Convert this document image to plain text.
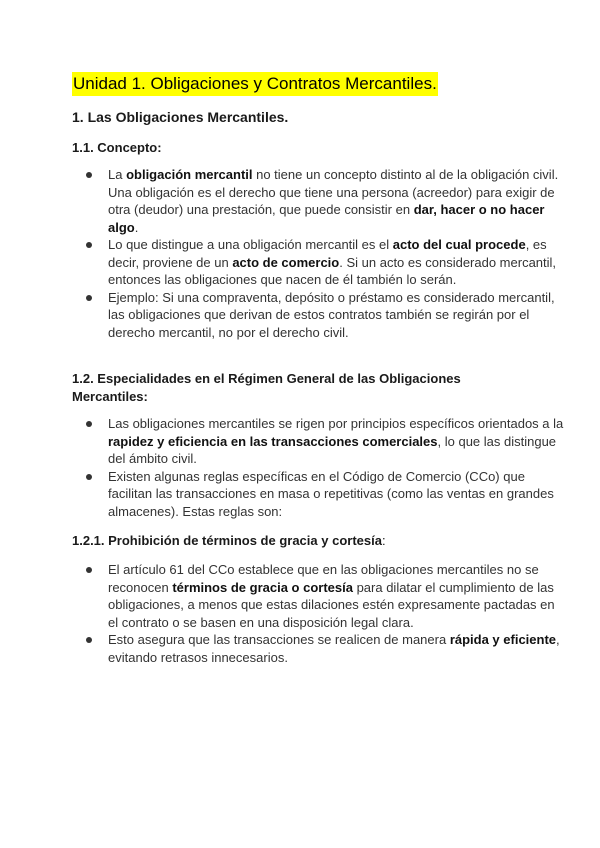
Unidad 1. Obligaciones y Contratos Mercantiles.
1. Las Obligaciones Mercantiles.
1.1. Concepto:
La obligación mercantil no tiene un concepto distinto al de la obligación civil. Una obligación es el derecho que tiene una persona (acreedor) para exigir de otra (deudor) una prestación, que puede consistir en dar, hacer o no hacer algo.
Lo que distingue a una obligación mercantil es el acto del cual procede, es decir, proviene de un acto de comercio. Si un acto es considerado mercantil, entonces las obligaciones que nacen de él también lo serán.
Ejemplo: Si una compraventa, depósito o préstamo es considerado mercantil, las obligaciones que derivan de estos contratos también se regirán por el derecho mercantil, no por el derecho civil.
1.2. Especialidades en el Régimen General de las Obligaciones Mercantiles:
Las obligaciones mercantiles se rigen por principios específicos orientados a la rapidez y eficiencia en las transacciones comerciales, lo que las distingue del ámbito civil.
Existen algunas reglas específicas en el Código de Comercio (CCo) que facilitan las transacciones en masa o repetitivas (como las ventas en grandes almacenes). Estas reglas son:
1.2.1. Prohibición de términos de gracia y cortesía:
El artículo 61 del CCo establece que en las obligaciones mercantiles no se reconocen términos de gracia o cortesía para dilatar el cumplimiento de las obligaciones, a menos que estas dilaciones estén expresamente pactadas en el contrato o se basen en una disposición legal clara.
Esto asegura que las transacciones se realicen de manera rápida y eficiente, evitando retrasos innecesarios.
